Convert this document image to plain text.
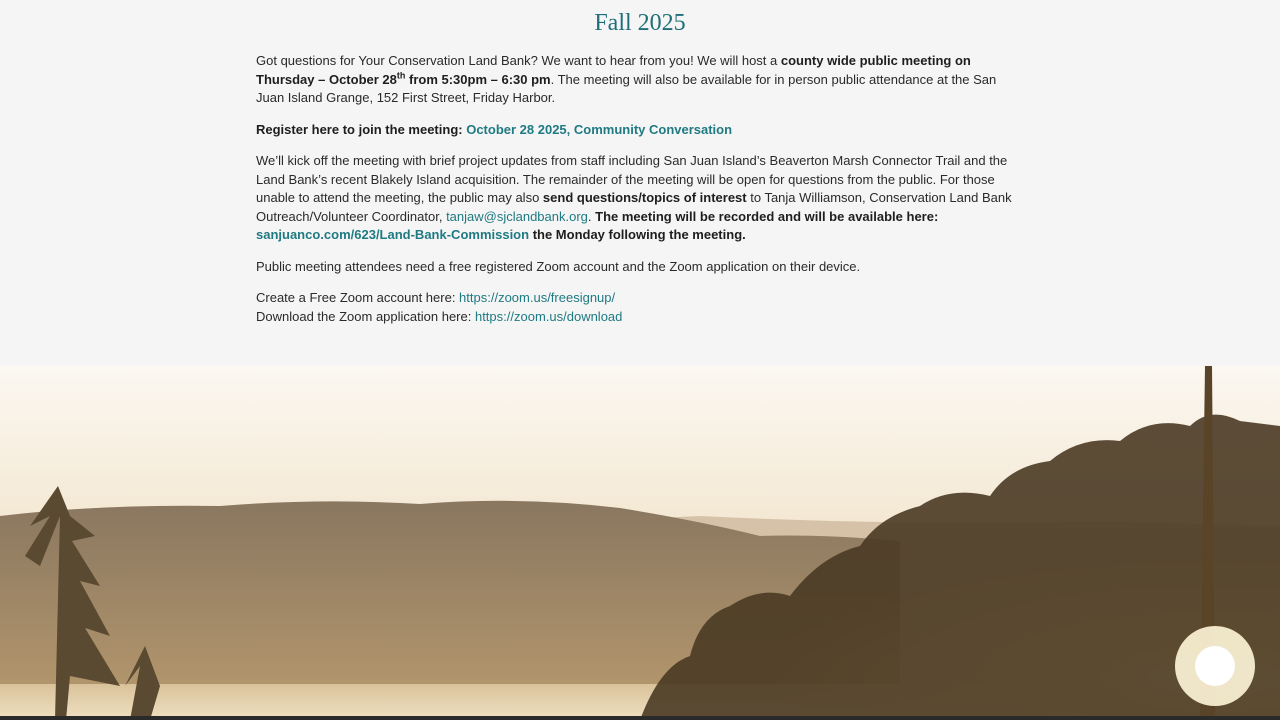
Fall 2025

Got questions for Your Conservation Land Bank? We want to hear from you! We will host a county wide public meeting on Thursday – October 28th from 5:30pm – 6:30 pm. The meeting will also be available for in person public attendance at the San Juan Island Grange, 152 First Street, Friday Harbor.

Register here to join the meeting: October 28 2025, Community Conversation

We’ll kick off the meeting with brief project updates from staff including San Juan Island’s Beaverton Marsh Connector Trail and the Land Bank’s recent Blakely Island acquisition. The remainder of the meeting will be open for questions from the public. For those unable to attend the meeting, the public may also send questions/topics of interest to Tanja Williamson, Conservation Land Bank Outreach/Volunteer Coordinator, tanjaw@sjclandbank.org. The meeting will be recorded and will be available here: sanjuanco.com/623/Land-Bank-Commission the Monday following the meeting.

Public meeting attendees need a free registered Zoom account and the Zoom application on their device.

Create a Free Zoom account here: https://zoom.us/freesignup/
Download the Zoom application here: https://zoom.us/download
